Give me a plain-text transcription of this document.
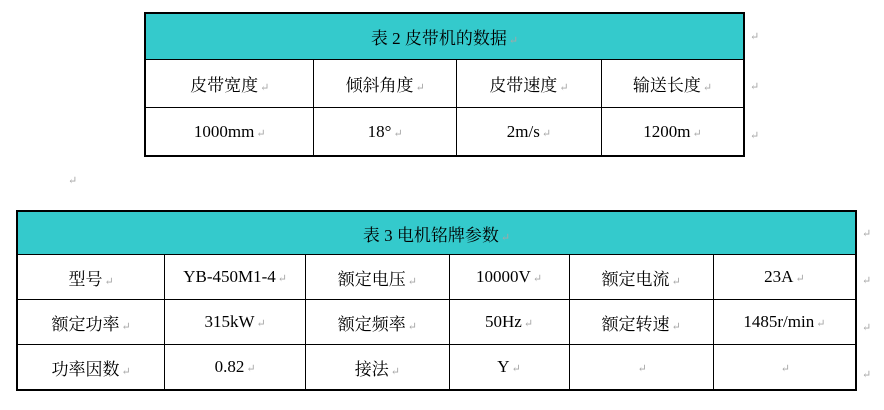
↵
表 2 皮带机的数据 ↵			
皮带宽度 ↵	倾斜角度 ↵	皮带速度 ↵	输送长度 ↵
1000mm ↵	18° ↵	2m/s ↵	1200m ↵
↵
↵
↵
表 3 电机铭牌参数 ↵					
型号 ↵	YB-450M1-4 ↵	额定电压 ↵	10000V ↵	额定电流 ↵	23A ↵
额定功率 ↵	315kW ↵	额定频率 ↵	50Hz ↵	额定转速 ↵	1485r/min ↵
功率因数 ↵	0.82 ↵	接法 ↵	Y ↵	↵	↵
↵
↵
↵
↵
